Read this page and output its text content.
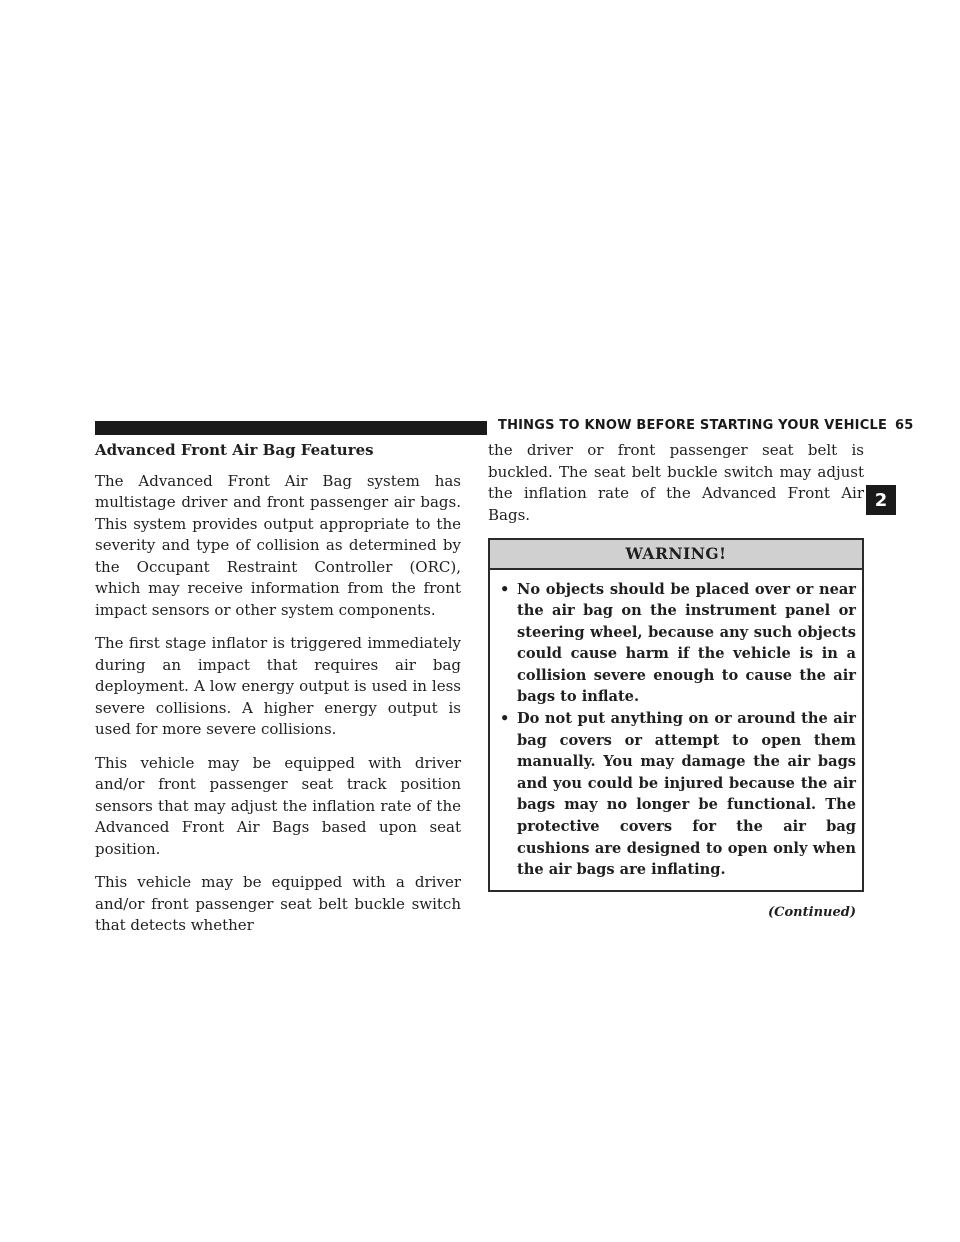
THINGS TO KNOW BEFORE STARTING YOUR VEHICLE 65
2
Advanced Front Air Bag Features

The Advanced Front Air Bag system has multistage driver and front passenger air bags. This system provides output appropriate to the severity and type of collision as determined by the Occupant Restraint Controller (ORC), which may receive information from the front impact sensors or other system components.

The first stage inflator is triggered immediately during an impact that requires air bag deployment. A low energy output is used in less severe collisions. A higher energy output is used for more severe collisions.

This vehicle may be equipped with driver and/or front passenger seat track position sensors that may adjust the inflation rate of the Advanced Front Air Bags based upon seat position.

This vehicle may be equipped with a driver and/or front passenger seat belt buckle switch that detects whether

the driver or front passenger seat belt is buckled. The seat belt buckle switch may adjust the inflation rate of the Advanced Front Air Bags.

WARNING!
• No objects should be placed over or near the air bag on the instrument panel or steering wheel, because any such objects could cause harm if the vehicle is in a collision severe enough to cause the air bags to inflate.
• Do not put anything on or around the air bag covers or attempt to open them manually. You may damage the air bags and you could be injured because the air bags may no longer be functional. The protective covers for the air bag cushions are designed to open only when the air bags are inflating.
(Continued)
